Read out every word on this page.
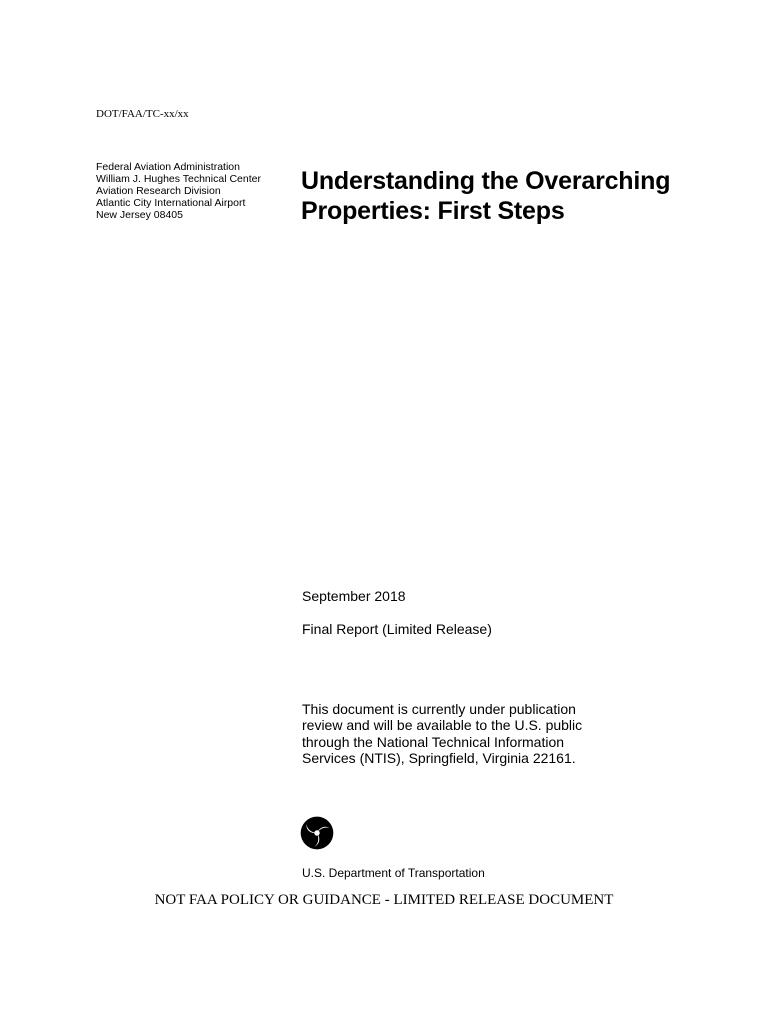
DOT/FAA/TC-xx/xx
Federal Aviation Administration
William J. Hughes Technical Center
Aviation Research Division
Atlantic City International Airport
New Jersey 08405
Understanding the Overarching
Properties: First Steps
September 2018
Final Report (Limited Release)
This document is currently under publication
review and will be available to the U.S. public
through the National Technical Information
Services (NTIS), Springfield, Virginia 22161.
U.S. Department of Transportation
NOT FAA POLICY OR GUIDANCE - LIMITED RELEASE DOCUMENT
